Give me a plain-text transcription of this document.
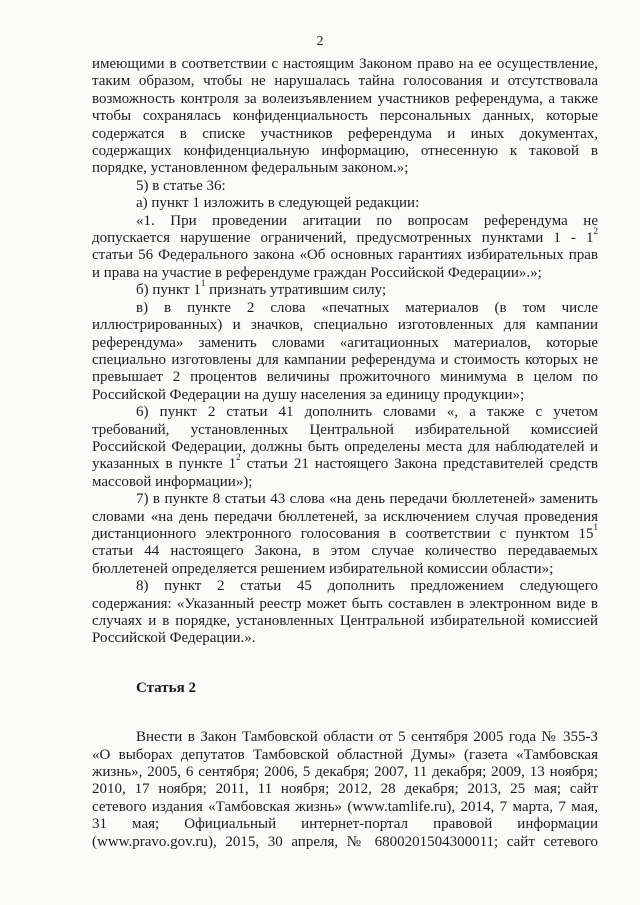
2
имеющими в соответствии с настоящим Законом право на ее осуществление,
таким образом, чтобы не нарушалась тайна голосования и отсутствовала
возможность контроля за волеизъявлением участников референдума, а также
чтобы сохранялась конфиденциальность персональных данных, которые
содержатся в списке участников референдума и иных документах,
содержащих конфиденциальную информацию, отнесенную к таковой в
порядке, установленном федеральным законом.»;
5) в статье 36:
а) пункт 1 изложить в следующей редакции:
«1. При проведении агитации по вопросам референдума не
допускается нарушение ограничений, предусмотренных пунктами $1 - 1^2$
статьи 56 Федерального закона «Об основных гарантиях избирательных прав
и права на участие в референдуме граждан Российской Федерации».»;
б) пункт $1^1$ признать утратившим силу;
в) в пункте 2 слова «печатных материалов (в том числе
иллюстрированных) и значков, специально изготовленных для кампании
референдума» заменить словами «агитационных материалов, которые
специально изготовлены для кампании референдума и стоимость которых не
превышает 2 процентов величины прожиточного минимума в целом по
Российской Федерации на душу населения за единицу продукции»;
6) пункт 2 статьи 41 дополнить словами «, а также с учетом
требований, установленных Центральной избирательной комиссией
Российской Федерации, должны быть определены места для наблюдателей и
указанных в пункте $1^2$ статьи 21 настоящего Закона представителей средств
массовой информации»);
7) в пункте 8 статьи 43 слова «на день передачи бюллетеней» заменить
словами «на день передачи бюллетеней, за исключением случая проведения
дистанционного электронного голосования в соответствии с пунктом $15^1$
статьи 44 настоящего Закона, в этом случае количество передаваемых
бюллетеней определяется решением избирательной комиссии области»;
8) пункт 2 статьи 45 дополнить предложением следующего
содержания: «Указанный реестр может быть составлен в электронном виде в
случаях и в порядке, установленных Центральной избирательной комиссией
Российской Федерации.».
Статья 2
Внести в Закон Тамбовской области от 5 сентября 2005 года № 355-З
«О выборах депутатов Тамбовской областной Думы» (газета «Тамбовская
жизнь», 2005, 6 сентября; 2006, 5 декабря; 2007, 11 декабря; 2009, 13 ноября;
2010, 17 ноября; 2011, 11 ноября; 2012, 28 декабря; 2013, 25 мая; сайт
сетевого издания «Тамбовская жизнь» (www.tamlife.ru), 2014, 7 марта, 7 мая,
31 мая; Официальный интернет-портал правовой информации
(www.pravo.gov.ru), 2015, 30 апреля, № 6800201504300011; сайт сетевого
